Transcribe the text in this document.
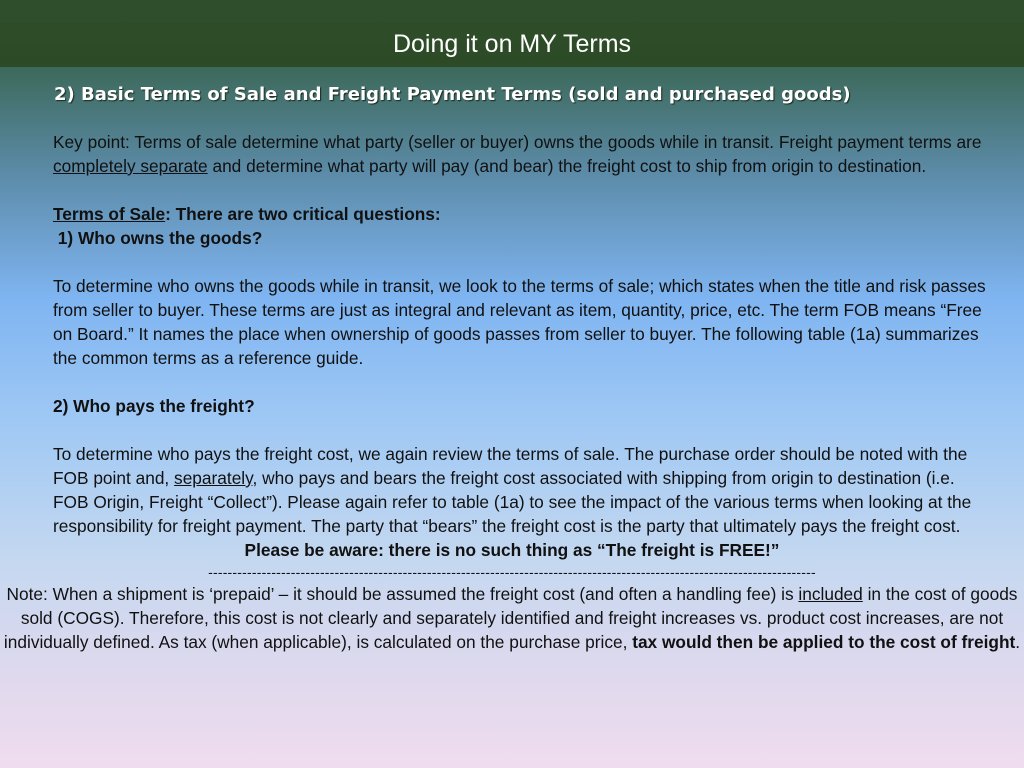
Doing it on MY Terms
2) Basic Terms of Sale and Freight Payment Terms (sold and purchased goods)

Key point: Terms of sale determine what party (seller or buyer) owns the goods while in transit. Freight payment terms are completely separate and determine what party will pay (and bear) the freight cost to ship from origin to destination.

Terms of Sale: There are two critical questions:

1) Who owns the goods?

To determine who owns the goods while in transit, we look to the terms of sale; which states when the title and risk passes from seller to buyer. These terms are just as integral and relevant as item, quantity, price, etc. The term FOB means “Free on Board.” It names the place when ownership of goods passes from seller to buyer. The following table (1a) summarizes the common terms as a reference guide.

2) Who pays the freight?

To determine who pays the freight cost, we again review the terms of sale. The purchase order should be noted with the FOB point and, separately, who pays and bears the freight cost associated with shipping from origin to destination (i.e. FOB Origin, Freight “Collect”). Please again refer to table (1a) to see the impact of the various terms when looking at the responsibility for freight payment. The party that “bears” the freight cost is the party that ultimately pays the freight cost.

Please be aware: there is no such thing as “The freight is FREE!”

-----------------------------------------------------------------------------------------------------------------------------

Note: When a shipment is ‘prepaid’ – it should be assumed the freight cost (and often a handling fee) is included in the cost of goods sold (COGS). Therefore, this cost is not clearly and separately identified and freight increases vs. product cost increases, are not individually defined. As tax (when applicable), is calculated on the purchase price, tax would then be applied to the cost of freight.
